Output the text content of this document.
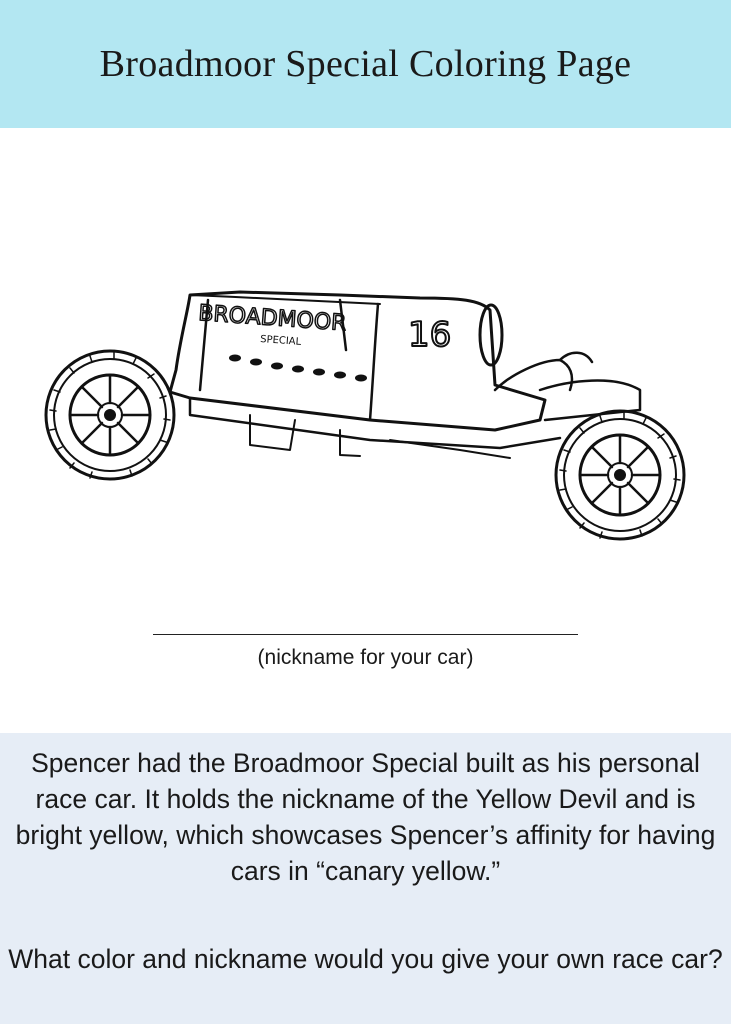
Broadmoor Special Coloring Page
BROADMOOR
SPECIAL	16
(nickname for your car)

Spencer had the Broadmoor Special built as his personal race car. It holds the nickname of the Yellow Devil and is bright yellow, which showcases Spencer’s affinity for having cars in “canary yellow.”

What color and nickname would you give your own race car?
